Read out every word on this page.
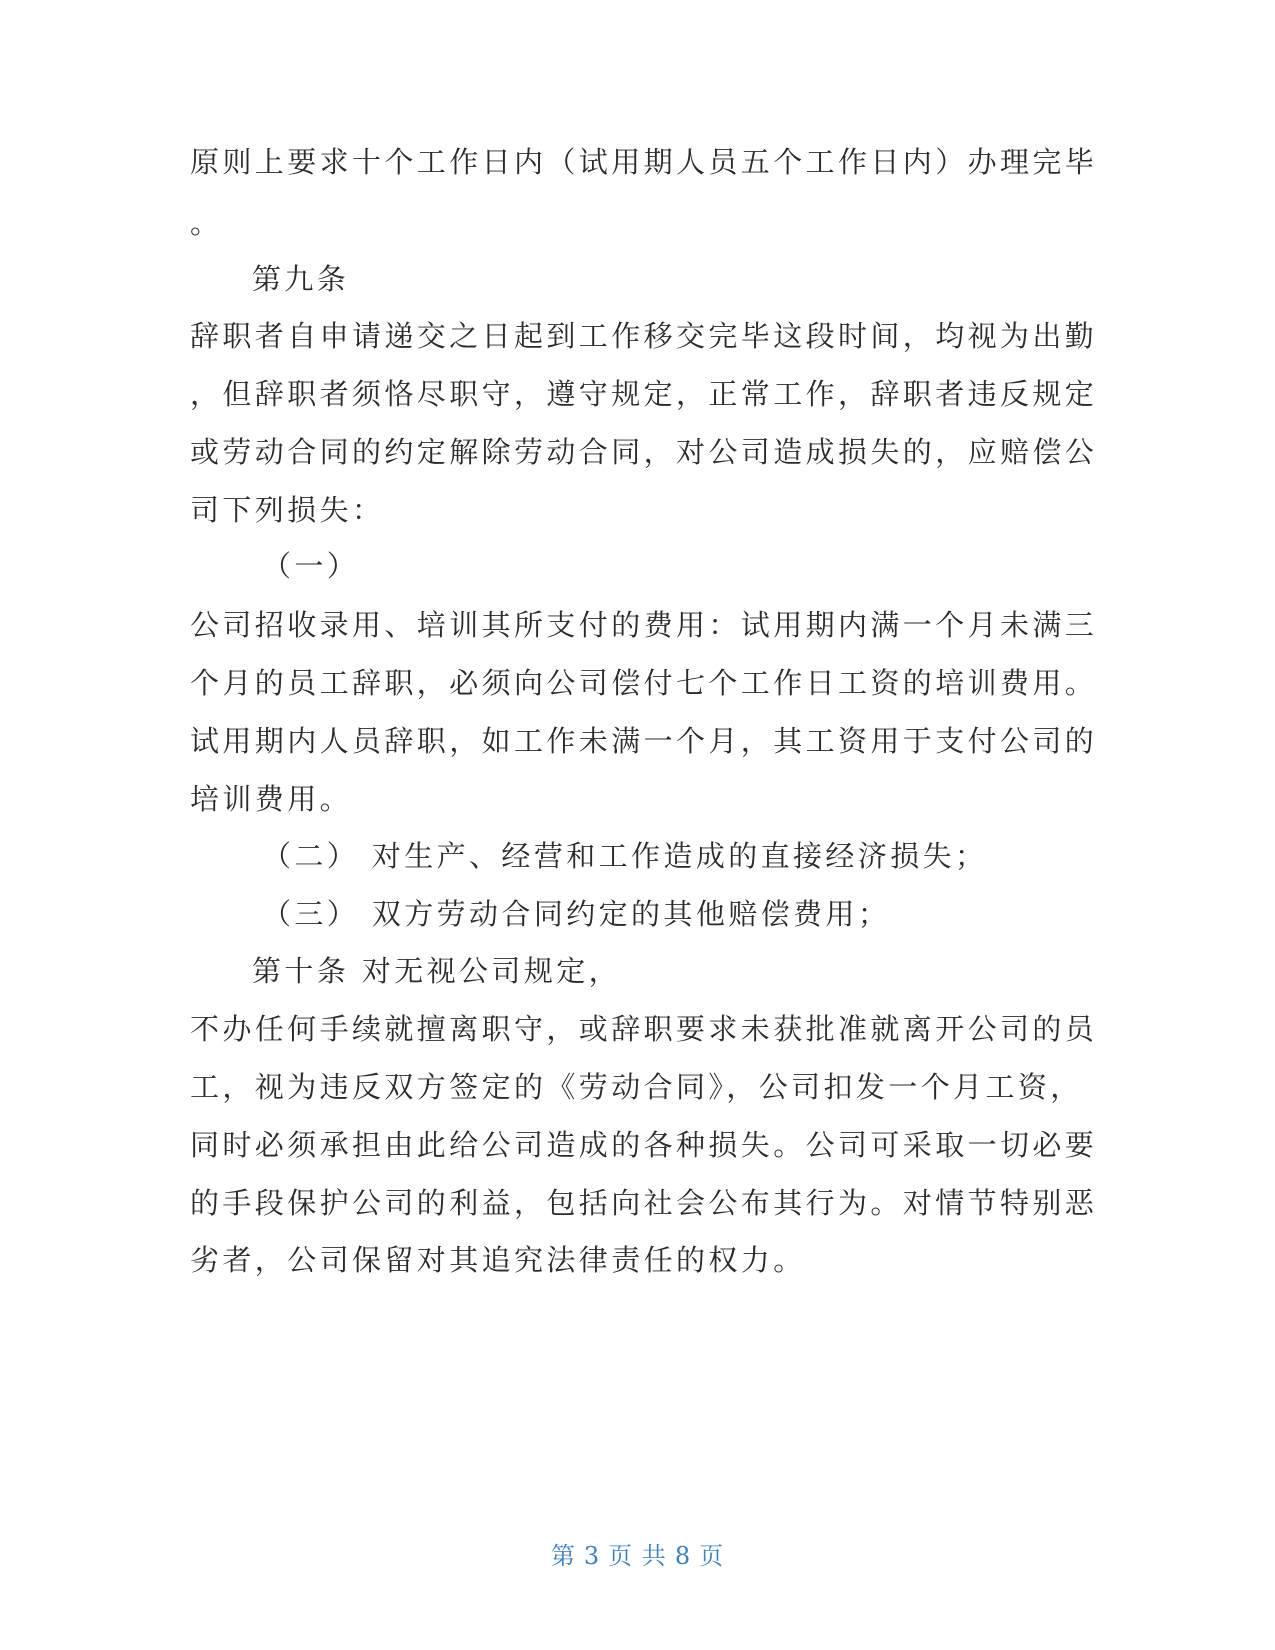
原则上要求十个工作日内（试用期人员五个工作日内）办理完毕
。
第九条
辞职者自申请递交之日起到工作移交完毕这段时间，均视为出勤
，但辞职者须恪尽职守，遵守规定，正常工作，辞职者违反规定
或劳动合同的约定解除劳动合同，对公司造成损失的，应赔偿公
司下列损失：
（一）
公司招收录用、培训其所支付的费用：试用期内满一个月未满三
个月的员工辞职，必须向公司偿付七个工作日工资的培训费用。
试用期内人员辞职，如工作未满一个月，其工资用于支付公司的
培训费用。
（二） 对生产、经营和工作造成的直接经济损失；
（三） 双方劳动合同约定的其他赔偿费用；
第十条 对无视公司规定，
不办任何手续就擅离职守，或辞职要求未获批准就离开公司的员
工，视为违反双方签定的《劳动合同》，公司扣发一个月工资，
同时必须承担由此给公司造成的各种损失。公司可采取一切必要
的手段保护公司的利益，包括向社会公布其行为。对情节特别恶
劣者，公司保留对其追究法律责任的权力。
第 3 页 共 8 页
